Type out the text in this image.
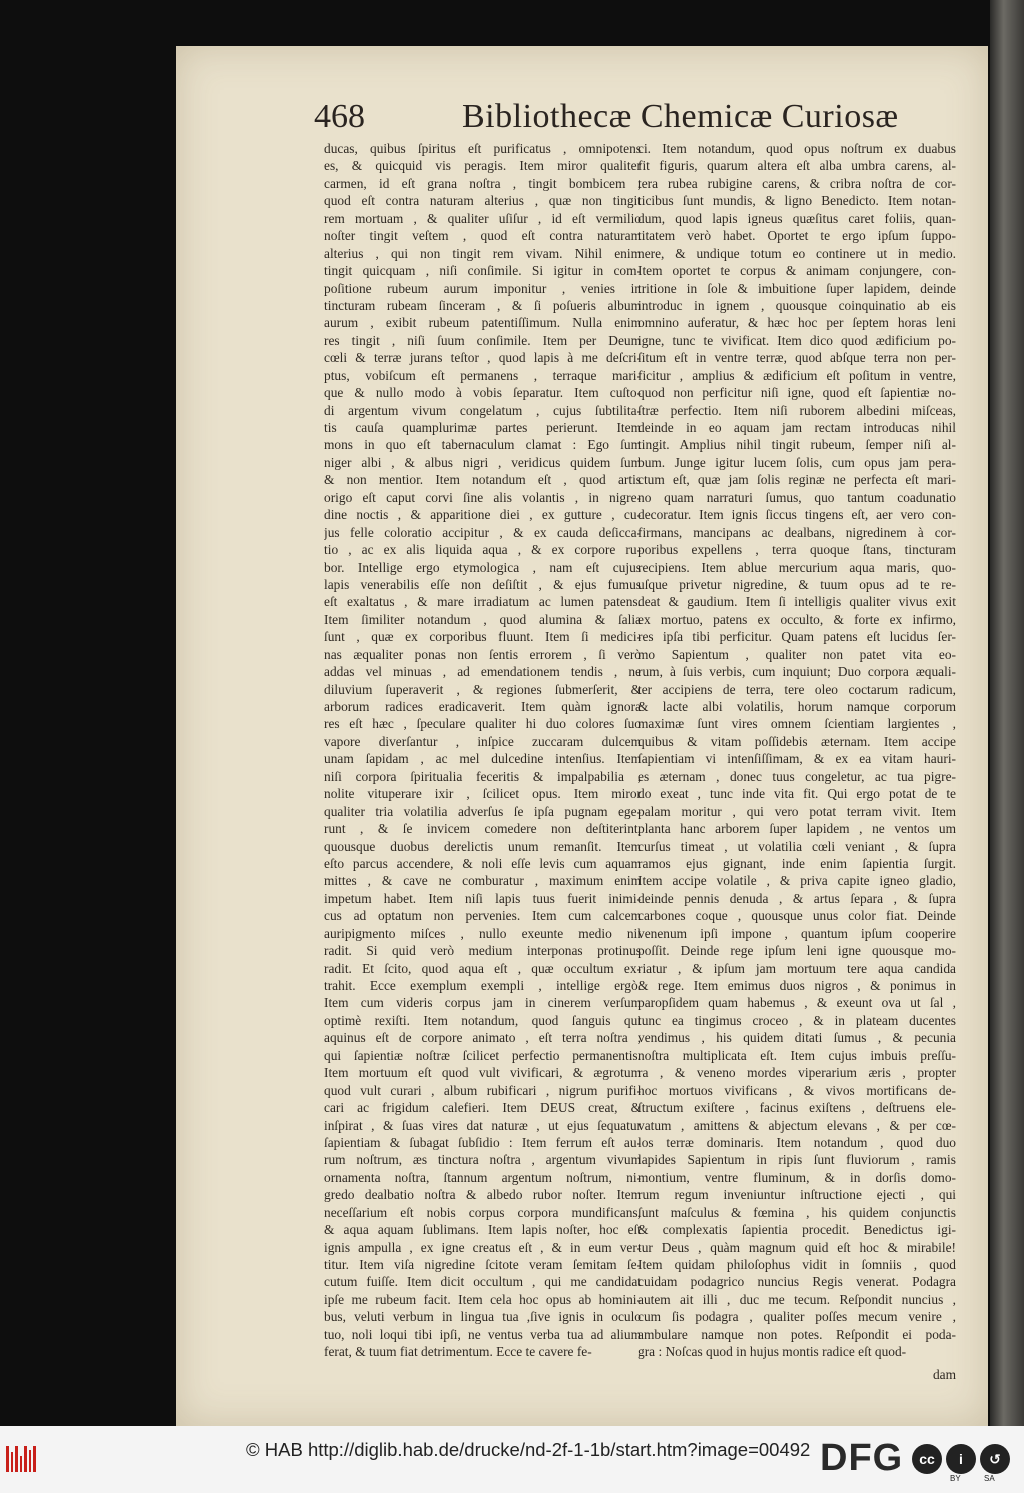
468	Bibliothecæ Chemicæ Curiosæ
ducas, quibus ſpiritus eſt purificatus , omnipotens
es, & quicquid vis peragis. Item miror qualiter
carmen, id eſt grana noſtra , tingit bombicem ,
quod eſt contra naturam alterius , quæ non tingit
rem mortuam , & qualiter uſiſur , id eſt vermilio
noſter tingit veſtem , quod eſt contra naturam
alterius , qui non tingit rem vivam. Nihil enim
tingit quicquam , niſi conſimile. Si igitur in com-
poſitione rubeum aurum imponitur , venies in
tincturam rubeam ſinceram , & ſi poſueris album
aurum , exibit rubeum patentiſſimum. Nulla enim
res tingit , niſi ſuum conſimile. Item per Deum
cœli & terræ jurans teſtor , quod lapis à me deſcri-
ptus, vobiſcum eſt permanens , terraque mari-
que & nullo modo à vobis ſeparatur. Item cuſto-
di argentum vivum congelatum , cujus ſubtilita-
tis cauſa quamplurimæ partes perierunt. Item
mons in quo eſt tabernaculum clamat : Ego ſum
niger albi , & albus nigri , veridicus quidem ſum
& non mentior. Item notandum eſt , quod artis
origo eſt caput corvi ſine alis volantis , in nigre-
dine noctis , & apparitione diei , ex gutture , cu-
jus felle coloratio accipitur , & ex cauda deſicca-
tio , ac ex alis liquida aqua , & ex corpore ru-
bor. Intellige ergo etymologica , nam eſt cujus
lapis venerabilis eſſe non deſiſtit , & ejus fumus
eſt exaltatus , & mare irradiatum ac lumen patens.
Item ſimiliter notandum , quod alumina & ſalia
ſunt , quæ ex corporibus fluunt. Item ſi medici-
nas æqualiter ponas non ſentis errorem , ſi verò
addas vel minuas , ad emendationem tendis , ne
diluvium ſuperaverit , & regiones ſubmerſerit, &
arborum radices eradicaverit. Item quàm ignora
res eſt hæc , ſpeculare qualiter hi duo colores ſuo
vapore diverſantur , inſpice zuccaram dulcem
unam ſapidam , ac mel dulcedine intenſius. Item
niſi corpora ſpiritualia feceritis & impalpabilia ,
nolite vituperare ixir , ſcilicet opus. Item miror
qualiter tria volatilia adverſus ſe ipſa pugnam ege-
runt , & ſe invicem comedere non deſtiterint,
quousque duobus derelictis unum remanſit. Item
eſto parcus accendere, & noli eſſe levis cum aquam
mittes , & cave ne comburatur , maximum enim
impetum habet. Item niſi lapis tuus fuerit inimi-
cus ad optatum non pervenies. Item cum calcem
auripigmento miſces , nullo exeunte medio nil
radit. Si quid verò medium interponas protinus
radit. Et ſcito, quod aqua eſt , quæ occultum ex-
trahit. Ecce exemplum exempli , intellige ergò.
Item cum videris corpus jam in cinerem verſum
optimè rexiſti. Item notandum, quod ſanguis qui
aquinus eſt de corpore animato , eſt terra noſtra ,
qui ſapientiæ noſtræ ſcilicet perfectio permanentis.
Item mortuum eſt quod vult vivificari, & ægrotum
quod vult curari , album rubificari , nigrum purifi-
cari ac frigidum calefieri. Item DEUS creat, &
inſpirat , & ſuas vires dat naturæ , ut ejus ſequatur
ſapientiam & ſubagat ſubſidio : Item ferrum eſt au-
rum noſtrum, æs tinctura noſtra , argentum vivum
ornamenta noſtra, ſtannum argentum noſtrum, ni-
gredo dealbatio noſtra & albedo rubor noſter. Item
neceſſarium eſt nobis corpus corpora mundificans,
& aqua aquam ſublimans. Item lapis noſter, hoc eſt
ignis ampulla , ex igne creatus eſt , & in eum ver-
titur. Item viſa nigredine ſcitote veram ſemitam ſe-
cutum fuiſſe. Item dicit occultum , qui me candidat
ipſe me rubeum facit. Item cela hoc opus ab homini-
bus, veluti verbum in lingua tua ,ſive ignis in oculo
tuo, noli loqui tibi ipſi, ne ventus verba tua ad alium
ferat, & tuum fiat detrimentum. Ecce te cavere fe-
ci. Item notandum, quod opus noſtrum ex duabus
fit figuris, quarum altera eſt alba umbra carens, al-
tera rubea rubigine carens, & cribra noſtra de cor-
ticibus ſunt mundis, & ligno Benedicto. Item notan-
dum, quod lapis igneus quæſitus caret foliis, quan-
titatem verò habet. Oportet te ergo ipſum ſuppo-
nere, & undique totum eo continere ut in medio.
Item oportet te corpus & animam conjungere, con-
tritione in ſole & imbuitione ſuper lapidem, deinde
introduc in ignem , quousque coinquinatio ab eis
omnino auferatur, & hæc hoc per ſeptem horas leni
igne, tunc te vivificat. Item dico quod ædificium po-
ſitum eſt in ventre terræ, quod abſque terra non per-
ficitur , amplius & ædificium eſt poſitum in ventre,
quod non perficitur niſi igne, quod eſt ſapientiæ no-
ſtræ perfectio. Item niſi ruborem albedini miſceas,
deinde in eo aquam jam rectam introducas nihil
tingit. Amplius nihil tingit rubeum, ſemper niſi al-
bum. Junge igitur lucem ſolis, cum opus jam pera-
ctum eſt, quæ jam ſolis reginæ ne perfecta eſt mari-
no quam narraturi ſumus, quo tantum coadunatio
decoratur. Item ignis ſiccus tingens eſt, aer vero con-
firmans, mancipans ac dealbans, nigredinem à cor-
poribus expellens , terra quoque ſtans, tincturam
recipiens. Item ablue mercurium aqua maris, quo-
uſque privetur nigredine, & tuum opus ad te re-
deat & gaudium. Item ſi intelligis qualiter vivus exit
ex mortuo, patens ex occulto, & forte ex infirmo,
res ipſa tibi perficitur. Quam patens eſt lucidus ſer-
mo Sapientum , qualiter non patet vita eo-
rum, à ſuis verbis, cum inquiunt; Duo corpora æquali-
ter accipiens de terra, tere oleo coctarum radicum,
& lacte albi volatilis, horum namque corporum
maximæ ſunt vires omnem ſcientiam largientes ,
quibus & vitam poſſidebis æternam. Item accipe
ſapientiam vi intenſiſſimam, & ex ea vitam hauri-
es æternam , donec tuus congeletur, ac tua pigre-
do exeat , tunc inde vita fit. Qui ergo potat de te
palam moritur , qui vero potat terram vivit. Item
planta hanc arborem ſuper lapidem , ne ventos um
curſus timeat , ut volatilia cœli veniant , & ſupra
ramos ejus gignant, inde enim ſapientia ſurgit.
Item accipe volatile , & priva capite igneo gladio,
deinde pennis denuda , & artus ſepara , & ſupra
carbones coque , quousque unus color fiat. Deinde
venenum ipſi impone , quantum ipſum cooperire
poſſit. Deinde rege ipſum leni igne quousque mo-
riatur , & ipſum jam mortuum tere aqua candida
& rege. Item emimus duos nigros , & ponimus in
paropſidem quam habemus , & exeunt ova ut ſal ,
tunc ea tingimus croceo , & in plateam ducentes
vendimus , his quidem ditati ſumus , & pecunia
noſtra multiplicata eſt. Item cujus imbuis preſſu-
ra , & veneno mordes viperarium æris , propter
hoc mortuos vivificans , & vivos mortificans de-
ſtructum exiſtere , facinus exiſtens , deſtruens ele-
vatum , amittens & abjectum elevans , & per cœ-
los terræ dominaris. Item notandum , quod duo
lapides Sapientum in ripis ſunt fluviorum , ramis
montium, ventre fluminum, & in dorſis domo-
rum regum inveniuntur inſtructione ejecti , qui
ſunt maſculus & fœmina , his quidem conjunctis
& complexatis ſapientia procedit. Benedictus igi-
tur Deus , quàm magnum quid eſt hoc & mirabile!
Item quidam philoſophus vidit in ſomniis , quod
cuidam podagrico nuncius Regis venerat. Podagra
autem ait illi , duc me tecum. Reſpondit nuncius ,
cum ſis podagra , qualiter poſſes mecum venire ,
ambulare namque non potes. Reſpondit ei poda-
gra : Noſcas quod in hujus montis radice eſt quod-
dam
© HAB http://diglib.hab.de/drucke/nd-2f-1-1b/start.htm?image=00492 DFG	cc	i	↺
BY	SA
